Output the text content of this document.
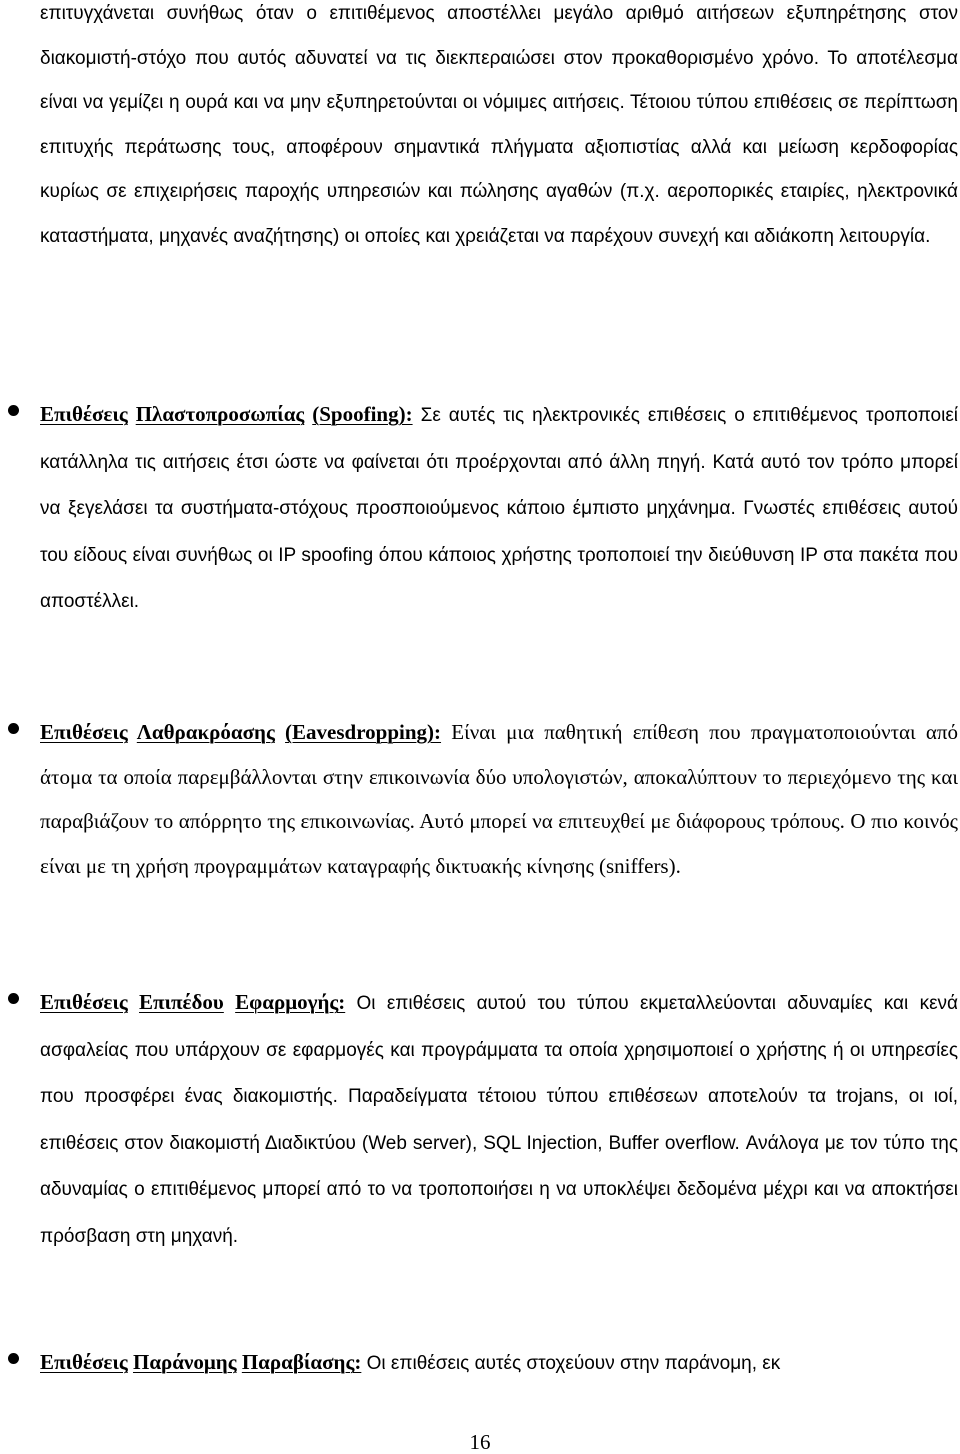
επιτυγχάνεται συνήθως όταν ο επιτιθέμενος αποστέλλει μεγάλο αριθμό αιτήσεων εξυπηρέτησης στον διακομιστή-στόχο που αυτός αδυνατεί να τις διεκπεραιώσει στον προκαθορισμένο χρόνο. Το αποτέλεσμα είναι να γεμίζει η ουρά και να μην εξυπηρετούνται οι νόμιμες αιτήσεις. Τέτοιου τύπου επιθέσεις σε περίπτωση επιτυχής περάτωσης τους, αποφέρουν σημαντικά πλήγματα αξιοπιστίας αλλά και μείωση κερδοφορίας κυρίως σε επιχειρήσεις παροχής υπηρεσιών και πώλησης αγαθών (π.χ. αεροπορικές εταιρίες, ηλεκτρονικά καταστήματα, μηχανές αναζήτησης) οι οποίες και χρειάζεται να παρέχουν συνεχή και αδιάκοπη λειτουργία.

Επιθέσεις Πλαστοπροσωπίας (Spoofing): Σε αυτές τις ηλεκτρονικές επιθέσεις ο επιτιθέμενος τροποποιεί κατάλληλα τις αιτήσεις έτσι ώστε να φαίνεται ότι προέρχονται από άλλη πηγή. Κατά αυτό τον τρόπο μπορεί να ξεγελάσει τα συστήματα-στόχους προσποιούμενος κάποιο έμπιστο μηχάνημα. Γνωστές επιθέσεις αυτού του είδους είναι συνήθως οι IP spoofing όπου κάποιος χρήστης τροποποιεί την διεύθυνση IP στα πακέτα που αποστέλλει.

Επιθέσεις Λαθρακρόασης (Eavesdropping): Είναι μια παθητική επίθεση που πραγματοποιούνται από άτομα τα οποία παρεμβάλλονται στην επικοινωνία δύο υπολογιστών, αποκαλύπτουν το περιεχόμενο της και παραβιάζουν το απόρρητο της επικοινωνίας. Αυτό μπορεί να επιτευχθεί με διάφορους τρόπους. Ο πιο κοινός είναι με τη χρήση προγραμμάτων καταγραφής δικτυακής κίνησης (sniffers).

Επιθέσεις Επιπέδου Εφαρμογής: Οι επιθέσεις αυτού του τύπου εκμεταλλεύονται αδυναμίες και κενά ασφαλείας που υπάρχουν σε εφαρμογές και προγράμματα τα οποία χρησιμοποιεί ο χρήστης ή οι υπηρεσίες που προσφέρει ένας διακομιστής. Παραδείγματα τέτοιου τύπου επιθέσεων αποτελούν τα trojans, οι ιοί, επιθέσεις στον διακομιστή Διαδικτύου (Web server), SQL Injection, Buffer overflow. Ανάλογα με τον τύπο της αδυναμίας ο επιτιθέμενος μπορεί από το να τροποποιήσει η να υποκλέψει δεδομένα μέχρι και να αποκτήσει πρόσβαση στη μηχανή.

Επιθέσεις Παράνομης Παραβίασης: Οι επιθέσεις αυτές στοχεύουν στην παράνομη, εκ

16
